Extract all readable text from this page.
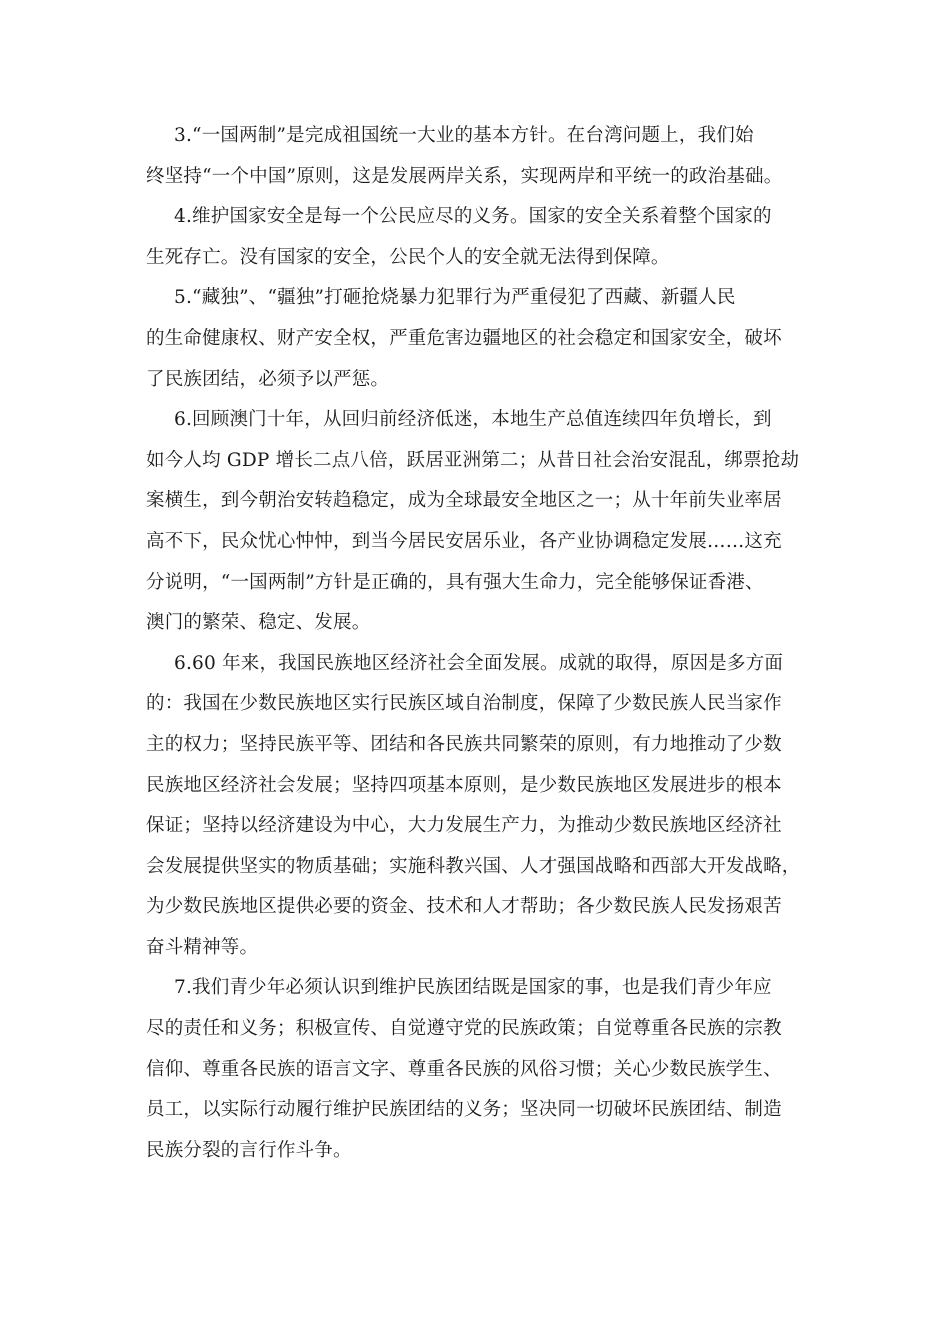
3.“一国两制”是完成祖国统一大业的基本方针。在台湾问题上，我们始
终坚持“一个中国”原则，这是发展两岸关系，实现两岸和平统一的政治基础。
4.维护国家安全是每一个公民应尽的义务。国家的安全关系着整个国家的
生死存亡。没有国家的安全，公民个人的安全就无法得到保障。
5.“藏独”、“疆独”打砸抢烧暴力犯罪行为严重侵犯了西藏、新疆人民
的生命健康权、财产安全权，严重危害边疆地区的社会稳定和国家安全，破坏
了民族团结，必须予以严惩。
6.回顾澳门十年，从回归前经济低迷，本地生产总值连续四年负增长，到
如今人均 GDP 增长二点八倍，跃居亚洲第二；从昔日社会治安混乱，绑票抢劫
案横生，到今朝治安转趋稳定，成为全球最安全地区之一；从十年前失业率居
高不下，民众忧心忡忡，到当今居民安居乐业，各产业协调稳定发展……这充
分说明，“一国两制”方针是正确的，具有强大生命力，完全能够保证香港、
澳门的繁荣、稳定、发展。
6.60 年来，我国民族地区经济社会全面发展。成就的取得，原因是多方面
的：我国在少数民族地区实行民族区域自治制度，保障了少数民族人民当家作
主的权力；坚持民族平等、团结和各民族共同繁荣的原则，有力地推动了少数
民族地区经济社会发展；坚持四项基本原则，是少数民族地区发展进步的根本
保证；坚持以经济建设为中心，大力发展生产力，为推动少数民族地区经济社
会发展提供坚实的物质基础；实施科教兴国、人才强国战略和西部大开发战略，
为少数民族地区提供必要的资金、技术和人才帮助；各少数民族人民发扬艰苦
奋斗精神等。
7.我们青少年必须认识到维护民族团结既是国家的事，也是我们青少年应
尽的责任和义务；积极宣传、自觉遵守党的民族政策；自觉尊重各民族的宗教
信仰、尊重各民族的语言文字、尊重各民族的风俗习惯；关心少数民族学生、
员工，以实际行动履行维护民族团结的义务；坚决同一切破坏民族团结、制造
民族分裂的言行作斗争。
